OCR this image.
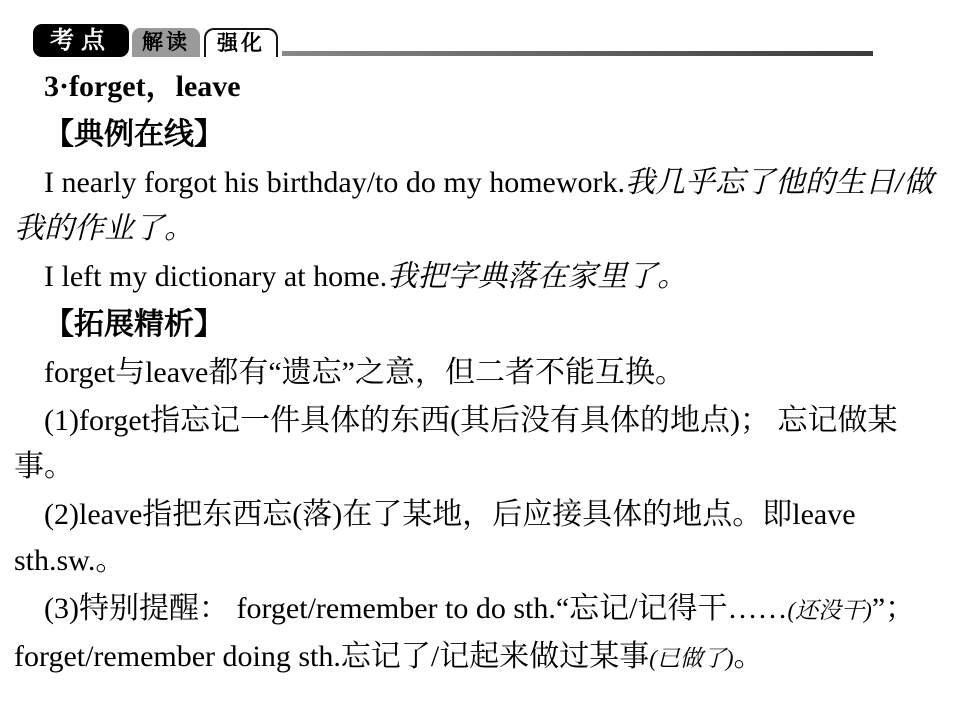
考点	解读	强化

3·forget，leave

【典例在线】

I nearly forgot his birthday/to do my homework.我几乎忘了他的生日/做我的作业了。

I left my dictionary at home.我把字典落在家里了。

【拓展精析】

forget与leave都有“遗忘”之意，但二者不能互换。

(1)forget指忘记一件具体的东西(其后没有具体的地点)； 忘记做某事。

(2)leave指把东西忘(落)在了某地，后应接具体的地点。即leave sth.sw.。

(3)特别提醒： forget/remember to do sth.“忘记/记得干……(还没干)”； forget/remember doing sth.忘记了/记起来做过某事(已做了)。
